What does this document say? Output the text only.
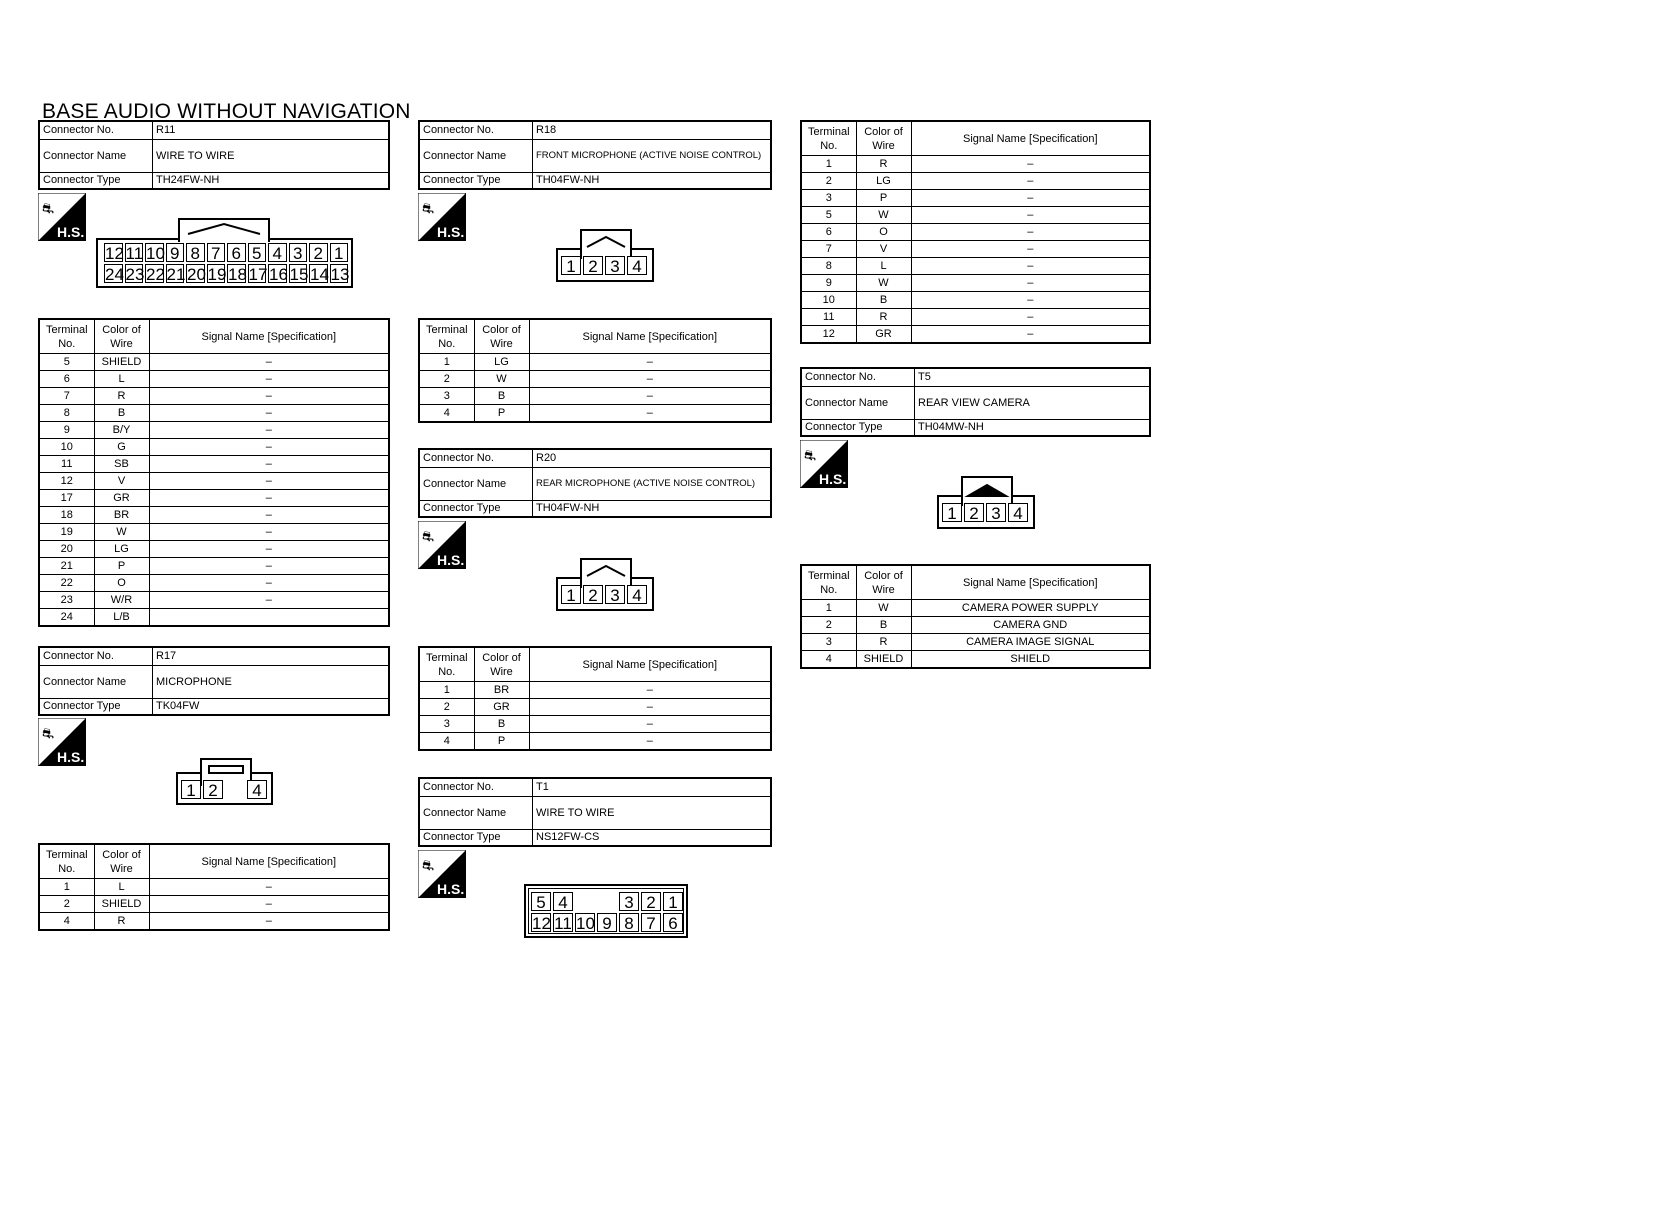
BASE AUDIO WITHOUT NAVIGATION
Connector No.	R11
Connector Name	WIRE TO WIRE
Connector Type	TH24FW-NH
⛐
H.S.
12 11 10 9 8 7 6 5 4 3 2 1
24 23 22 21 20 19 18 17 16 15 14 13
Terminal No.	Color of Wire	Signal Name [Specification]
5	SHIELD	–
6	L	–
7	R	–
8	B	–
9	B/Y	–
10	G	–
11	SB	–
12	V	–
17	GR	–
18	BR	–
19	W	–
20	LG	–
21	P	–
22	O	–
23	W/R	–
24	L/B	
Connector No.	R17
Connector Name	MICROPHONE
Connector Type	TK04FW
⛐
H.S.
1 2	4
Terminal No.	Color of Wire	Signal Name [Specification]
1	L	–
2	SHIELD	–
4	R	–
Connector No.	R18
Connector Name	FRONT MICROPHONE (ACTIVE NOISE CONTROL)
Connector Type	TH04FW-NH
⛐
H.S.
1 2 3 4
Terminal No.	Color of Wire	Signal Name [Specification]
1	LG	–
2	W	–
3	B	–
4	P	–
Connector No.	R20
Connector Name	REAR MICROPHONE (ACTIVE NOISE CONTROL)
Connector Type	TH04FW-NH
⛐
H.S.
1 2 3 4
Terminal No.	Color of Wire	Signal Name [Specification]
1	BR	–
2	GR	–
3	B	–
4	P	–
Connector No.	T1
Connector Name	WIRE TO WIRE
Connector Type	NS12FW-CS
⛐
H.S.
5 4	3 2 1
12 11 10 9 8 7 6
Terminal No.	Color of Wire	Signal Name [Specification]
1	R	–
2	LG	–
3	P	–
5	W	–
6	O	–
7	V	–
8	L	–
9	W	–
10	B	–
11	R	–
12	GR	–
Connector No.	T5
Connector Name	REAR VIEW CAMERA
Connector Type	TH04MW-NH
⛐
H.S.
1 2 3 4
Terminal No.	Color of Wire	Signal Name [Specification]
1	W	CAMERA POWER SUPPLY
2	B	CAMERA GND
3	R	CAMERA IMAGE SIGNAL
4	SHIELD	SHIELD
